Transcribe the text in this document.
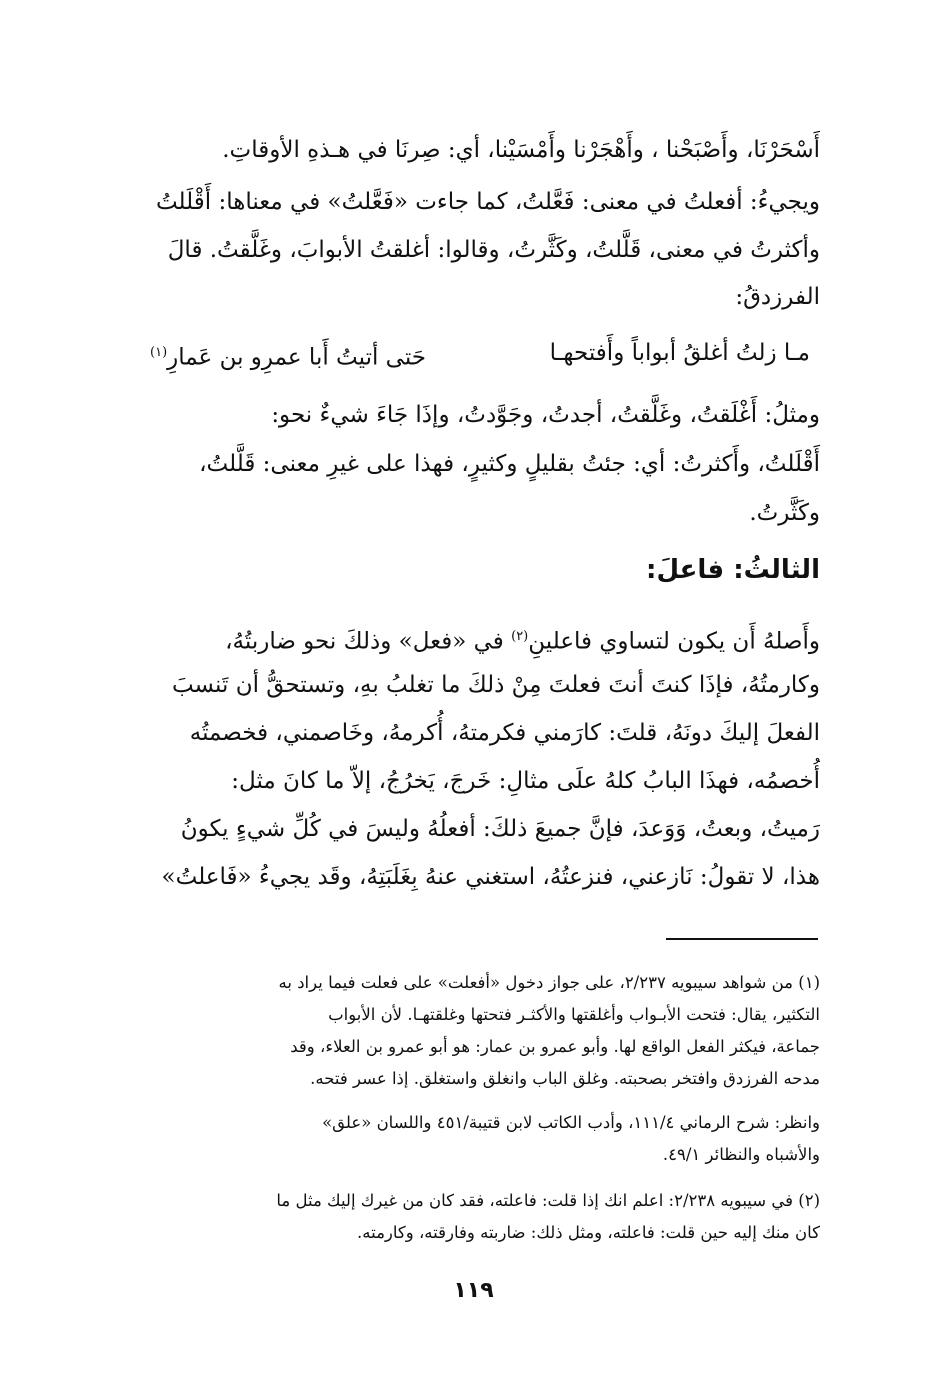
أَسْحَرْنَا، وأَصْبَحْنا ، وأَهْجَرْنا وأَمْسَيْنا، أي: صِرنَا في هـذهِ الأوقاتِ.
ويجيءُ: أفعلتُ في معنى: فَعَّلتُ، كما جاءت «فَعَّلتُ» في معناها: أَقْلَلتُ
وأكثرتُ في معنى، قَلَّلتُ، وكَثَّرتُ، وقالوا: أغلقتُ الأبوابَ، وغَلَّقتُ. قالَ
الفرزدقُ:
مـا زلتُ أغلقُ أبواباً وأَفتحهـا
حَتى أتيتُ أَبا عمرِو بن عَمارِ$^{(١)}$
ومثلُ: أَغْلَقتُ، وغَلَّقتُ، أجدتُ، وجَوَّدتُ، وإذَا جَاءَ شيءٌ نحو:
أَقْلَلتُ، وأَكثرتُ: أي: جئتُ بقليلٍ وكثيرٍ، فهذا على غيرِ معنى: قَلَّلتُ،
وكَثَّرتُ.
الثالثُ: فاعلَ:
وأَصلهُ أَن يكون لتساوي فاعلينِ$^{(٢)}$ في «فعل» وذلكَ نحو ضاربتُهُ،
وكارمتُهُ، فإذَا كنتَ أنتَ فعلتَ مِنْ ذلكَ ما تغلبُ بهِ، وتستحقُّ أن تَنسبَ
الفعلَ إليكَ دونَهُ، قلتَ: كارَمني فكرمتهُ، أُكرمهُ، وخَاصمني، فخصمتُه
أُخصمُه، فهذَا البابُ كلهُ علَى مثالِ: خَرجَ، يَخرُجُ، إلاّ ما كانَ مثل:
رَميتُ، وبعتُ، وَوَعدَ، فإنَّ جميعَ ذلكَ: أفعلُهُ وليسَ في كُلِّ شيءٍ يكونُ
هذا، لا تقولُ: نَازعني، فنزعتُهُ، استغني عنهُ بِغَلَبَتِهُ، وقَد يجيءُ «فَاعلتُ»
(١) من شواهد سيبويه ٢/٢٣٧، على جواز دخول «أفعلت» على فعلت فيما يراد به
التكثير، يقال: فتحت الأبـواب وأغلقتها والأكثـر فتحتها وغلقتهـا. لأن الأبواب
جماعة، فيكثر الفعل الواقع لها. وأبو عمرو بن عمار: هو أبو عمرو بن العلاء، وقد
مدحه الفرزدق وافتخر بصحبته. وغلق الباب وانغلق واستغلق. إذا عسر فتحه.
وانظر: شرح الرماني ١١١/٤، وأدب الكاتب لابن قتيبة/٤٥١ واللسان «علق»
والأشباه والنظائر ٤٩/١.
(٢) في سيبويه ٢/٢٣٨: اعلم انك إذا قلت: فاعلته، فقد كان من غيرك إليك مثل ما
كان منك إليه حين قلت: فاعلته، ومثل ذلك: ضاربته وفارقته، وكارمته.
١١٩
